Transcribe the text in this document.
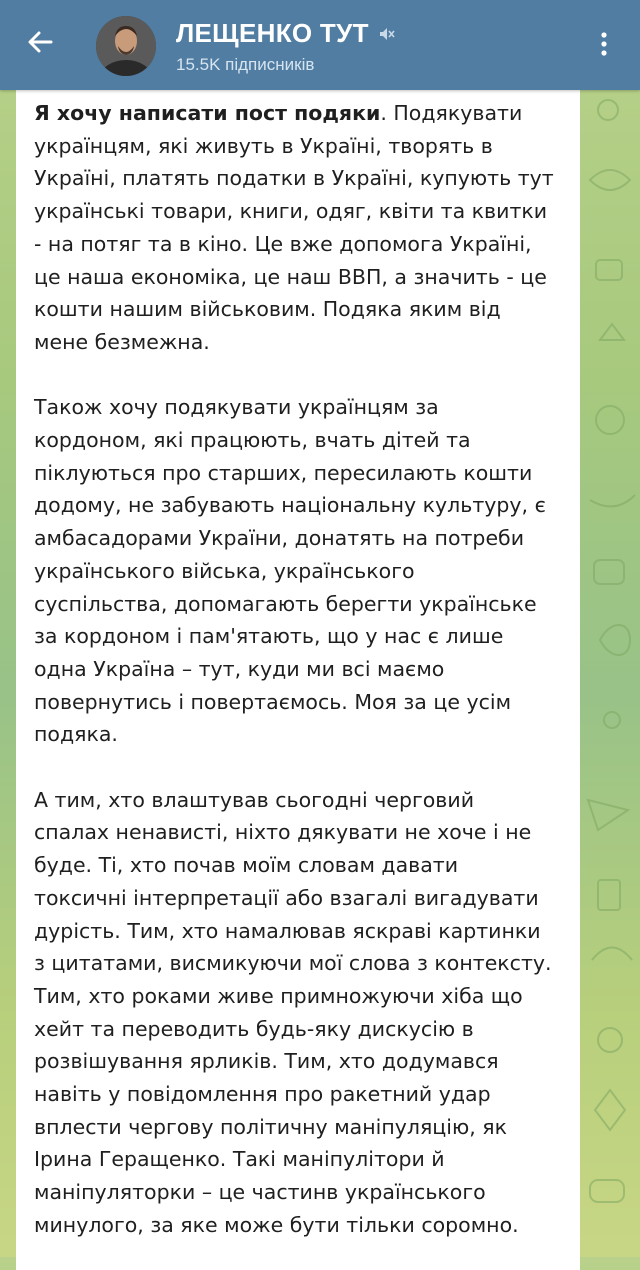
ЛЕЩЕНКО ТУТ
15.5K підписників

Я хочу написати пост подяки. Подякувати українцям, які живуть в Україні, творять в Україні, платять податки в Україні, купують тут українські товари, книги, одяг, квіти та квитки - на потяг та в кіно. Це вже допомога Україні, це наша економіка, це наш ВВП, а значить - це кошти нашим військовим. Подяка яким від мене безмежна.

Також хочу подякувати українцям за кордоном, які працюють, вчать дітей та піклуються про старших, пересилають кошти додому, не забувають національну культуру, є амбасадорами України, донатять на потреби українського війська, українського суспільства, допомагають берегти українське за кордоном і пам'ятають, що у нас є лише одна Україна – тут, куди ми всі маємо повернутись і повертаємось. Моя за це усім подяка.

А тим, хто влаштував сьогодні черговий спалах ненависті, ніхто дякувати не хоче і не буде. Ті, хто почав моїм словам давати токсичні інтерпретації або взагалі вигадувати дурість. Тим, хто намалював яскраві картинки з цитатами, висмикуючи мої слова з контексту. Тим, хто роками живе примножуючи хіба що хейт та переводить будь-яку дискусію в розвішування ярликів. Тим, хто додумався навіть у повідомлення про ракетний удар вплести чергову політичну маніпуляцію, як Ірина Геращенко. Такі маніпулітори й маніпуляторки – це частинв українського минулого, за яке може бути тільки соромно.
